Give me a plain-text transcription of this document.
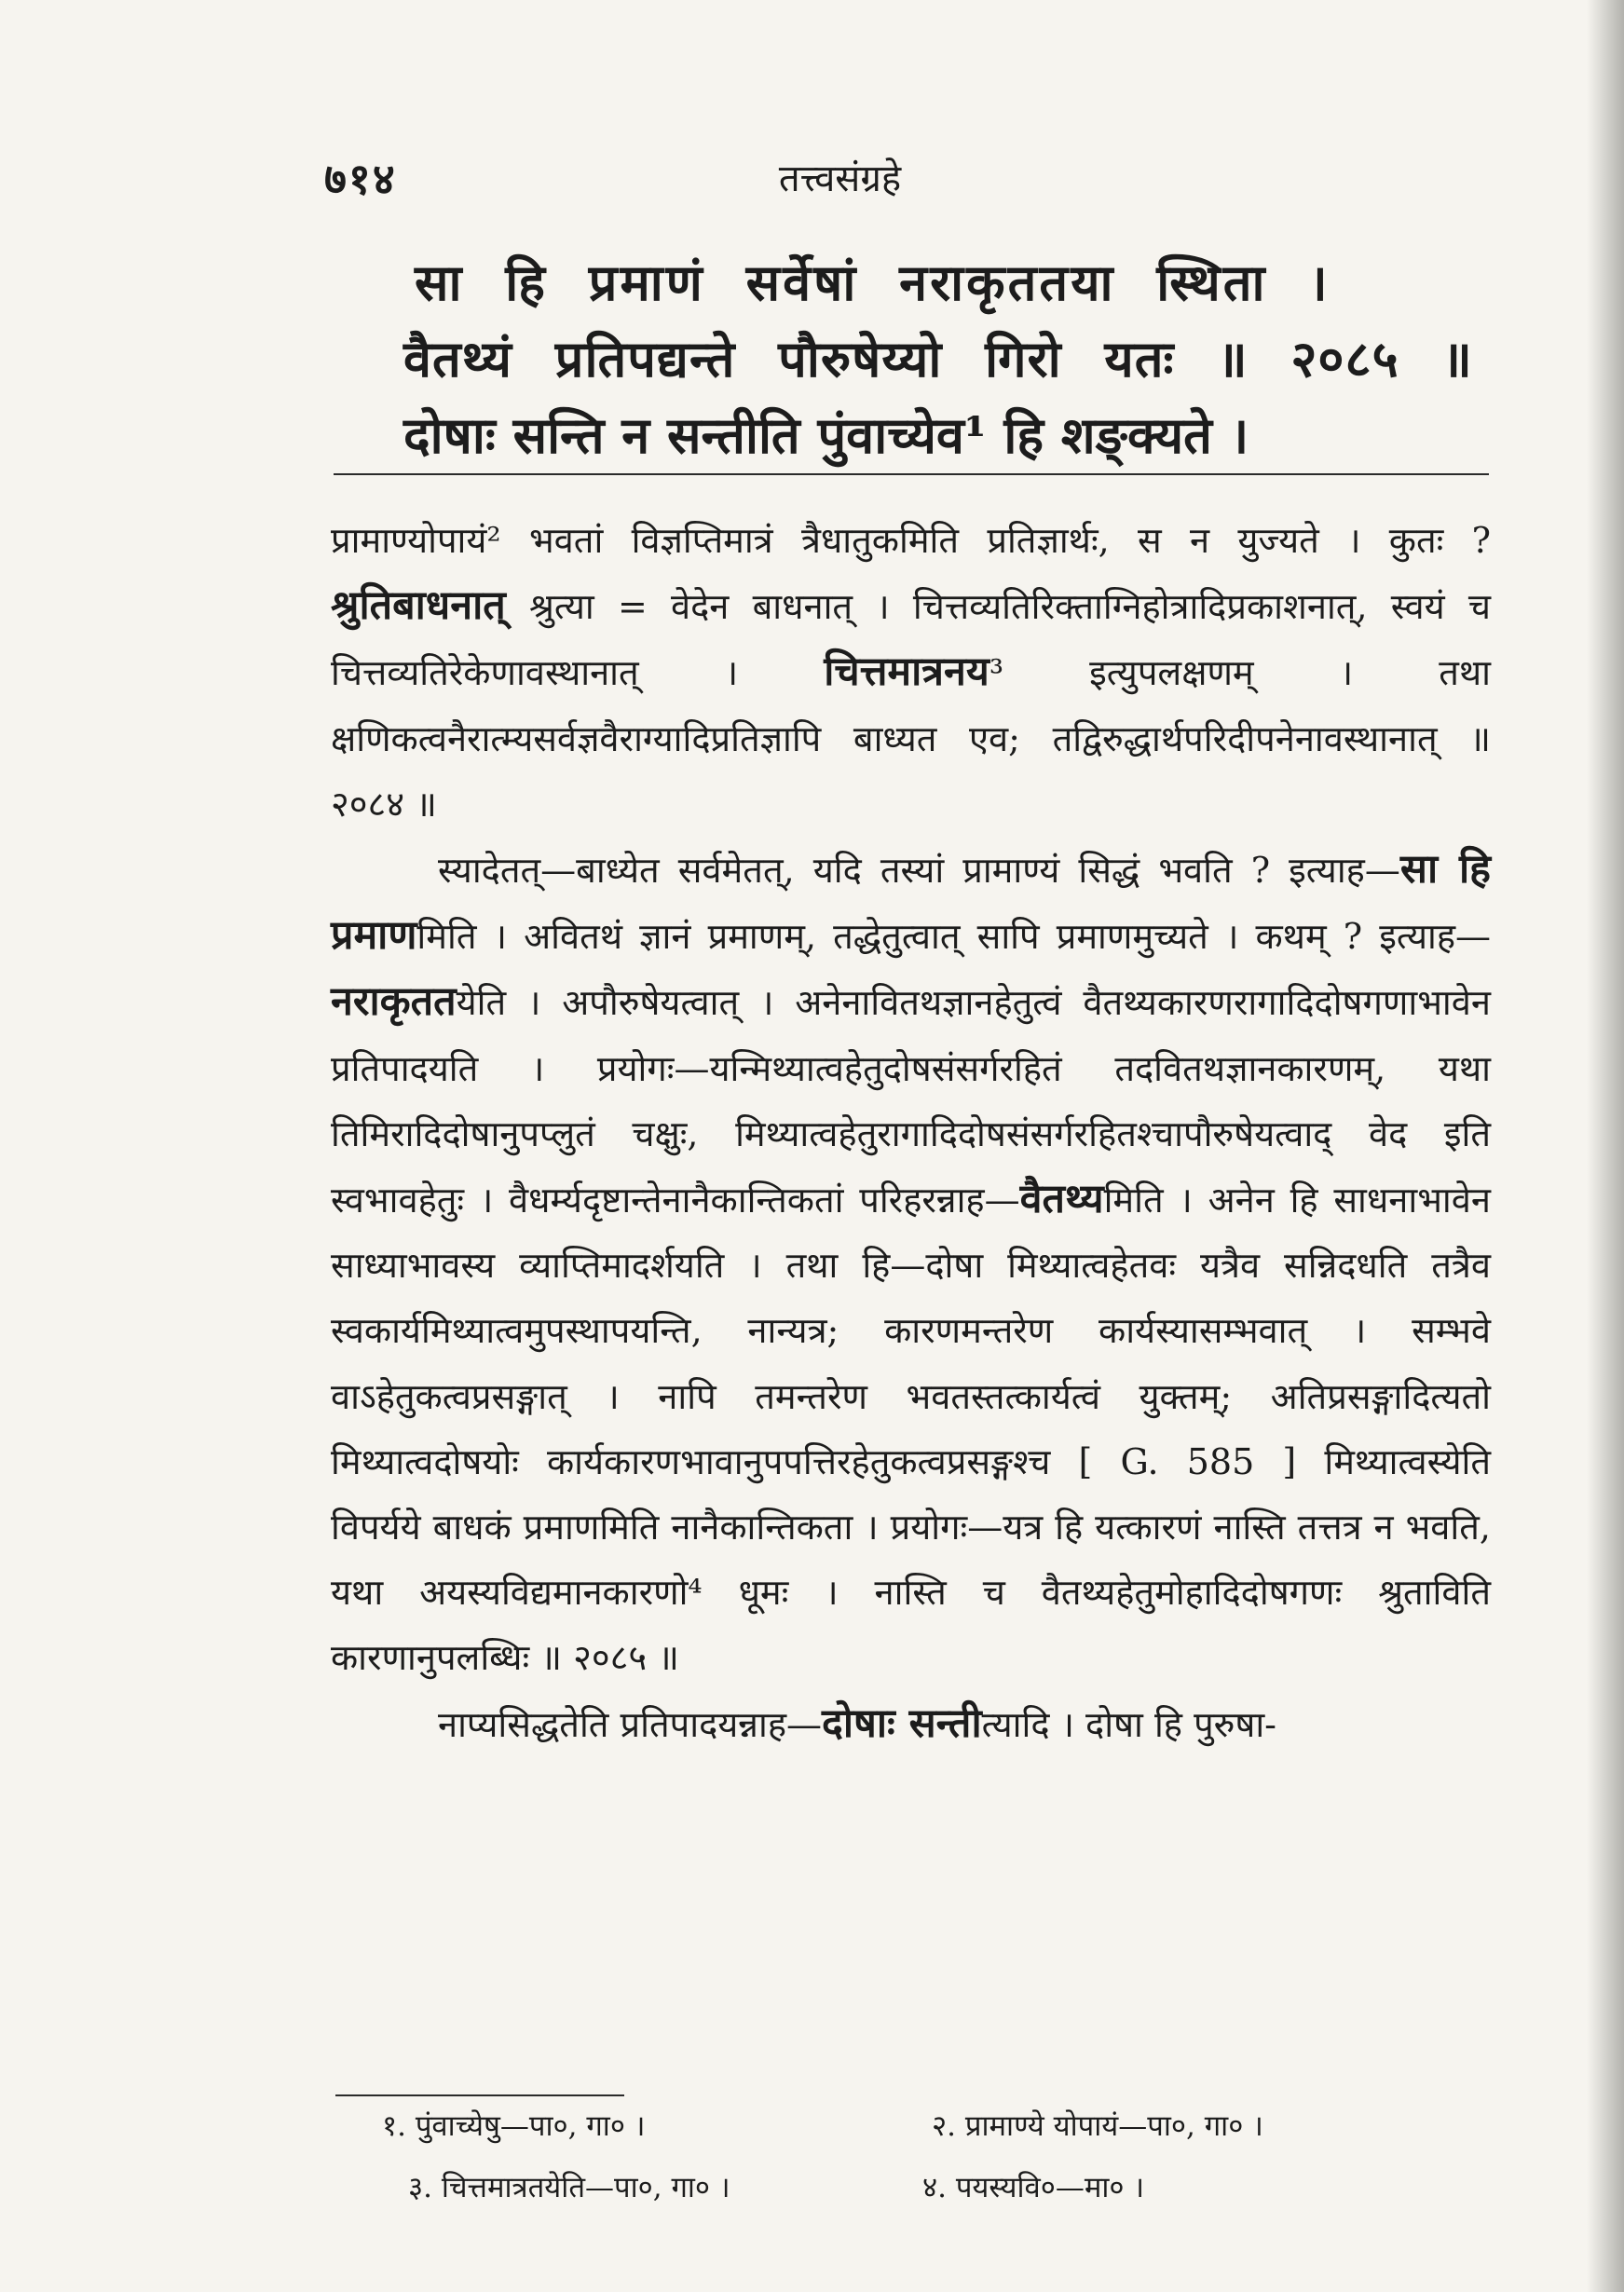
७१४	तत्त्वसंग्रहे
सा हि प्रमाणं सर्वेषां नराकृततया स्थिता ।
वैतथ्यं प्रतिपद्यन्ते पौरुषेय्यो गिरो यतः ॥ २०८५ ॥
दोषाः सन्ति न सन्तीति पुंवाच्येव¹ हि शङ्क्यते ।

प्रामाण्योपायं² भवतां विज्ञप्तिमात्रं त्रैधातुकमिति प्रतिज्ञार्थः, स न युज्यते । कुतः ? श्रुतिबाधनात् श्रुत्या = वेदेन बाधनात् । चित्तव्यतिरिक्ताग्निहोत्रादिप्रकाशनात्, स्वयं च चित्तव्यतिरेकेणावस्थानात् । चित्तमात्रनय³ इत्युपलक्षणम् । तथा क्षणिकत्वनैरात्म्यसर्वज्ञवैराग्यादिप्रतिज्ञापि बाध्यत एव; तद्विरुद्धार्थपरिदीपनेनावस्थानात् ॥ २०८४ ॥

स्यादेतत्—बाध्येत सर्वमेतत्, यदि तस्यां प्रामाण्यं सिद्धं भवति ? इत्याह—सा हि प्रमाणमिति । अवितथं ज्ञानं प्रमाणम्, तद्धेतुत्वात् सापि प्रमाणमुच्यते । कथम् ? इत्याह—नराकृततयेति । अपौरुषेयत्वात् । अनेनावितथज्ञानहेतुत्वं वैतथ्यकारणरागादिदोषगणाभावेन प्रतिपादयति । प्रयोगः—यन्मिथ्यात्वहेतुदोषसंसर्गरहितं तदवितथज्ञानकारणम्, यथा तिमिरादिदोषानुपप्लुतं चक्षुः, मिथ्यात्वहेतुरागादिदोषसंसर्गरहितश्चापौरुषेयत्वाद् वेद इति स्वभावहेतुः । वैधर्म्यदृष्टान्तेनानैकान्तिकतां परिहरन्नाह—वैतथ्यमिति । अनेन हि साधनाभावेन साध्याभावस्य व्याप्तिमादर्शयति । तथा हि—दोषा मिथ्यात्वहेतवः यत्रैव सन्निदधति तत्रैव स्वकार्यमिथ्यात्वमुपस्थापयन्ति, नान्यत्र; कारणमन्तरेण कार्यस्यासम्भवात् । सम्भवे वाऽहेतुकत्वप्रसङ्गात् । नापि तमन्तरेण भवतस्तत्कार्यत्वं युक्तम्; अतिप्रसङ्गादित्यतो मिथ्यात्वदोषयोः कार्यकारणभावानुपपत्तिरहेतुकत्वप्रसङ्गश्च [ G. 585 ] मिथ्यात्वस्येति विपर्यये बाधकं प्रमाणमिति नानैकान्तिकता । प्रयोगः—यत्र हि यत्कारणं नास्ति तत्तत्र न भवति, यथा अयस्यविद्यमानकारणो⁴ धूमः । नास्ति च वैतथ्यहेतुमोहादिदोषगणः श्रुताविति कारणानुपलब्धिः ॥ २०८५ ॥

नाप्यसिद्धतेति प्रतिपादयन्नाह—दोषाः सन्तीत्यादि । दोषा हि पुरुषा-

१. पुंवाच्येषु—पा०, गा० ।	२. प्रामाण्ये योपायं—पा०, गा० ।
३. चित्तमात्रतयेति—पा०, गा० ।	४. पयस्यवि०—मा० ।
